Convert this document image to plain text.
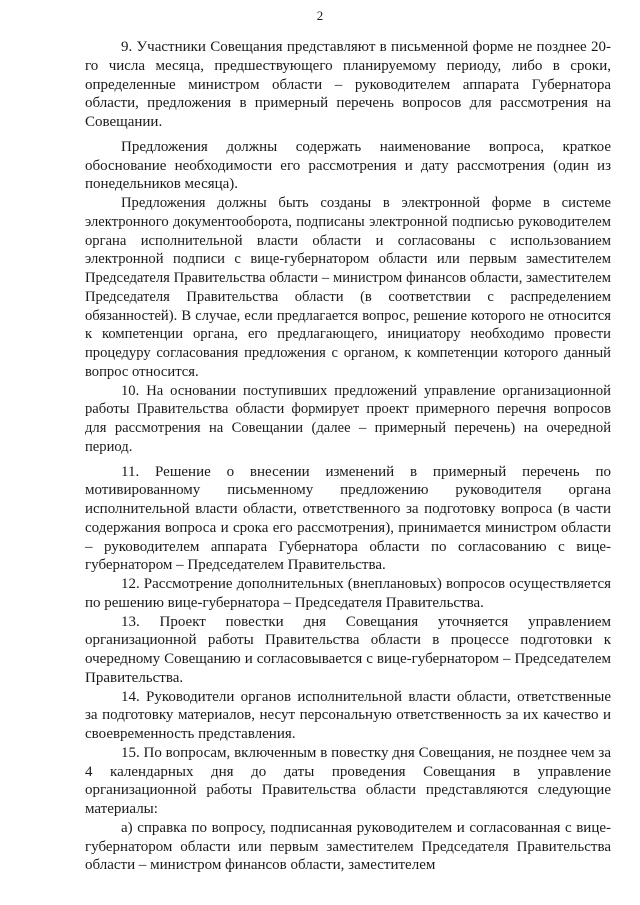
2

9. Участники Совещания представляют в письменной форме не позднее 20-го числа месяца, предшествующего планируемому периоду, либо в сроки, определенные министром области – руководителем аппарата Губернатора области, предложения в примерный перечень вопросов для рассмотрения на Совещании.

Предложения должны содержать наименование вопроса, краткое обоснование необходимости его рассмотрения и дату рассмотрения (один из понедельников месяца).

Предложения должны быть созданы в электронной форме в системе электронного документооборота, подписаны электронной подписью руководителем органа исполнительной власти области и согласованы с использованием электронной подписи с вице-губернатором области или первым заместителем Председателя Правительства области – министром финансов области, заместителем Председателя Правительства области (в соответствии с распределением обязанностей). В случае, если предлагается вопрос, решение которого не относится к компетенции органа, его предлагающего, инициатору необходимо провести процедуру согласования предложения с органом, к компетенции которого данный вопрос относится.

10. На основании поступивших предложений управление организационной работы Правительства области формирует проект примерного перечня вопросов для рассмотрения на Совещании (далее – примерный перечень) на очередной период.

11. Решение о внесении изменений в примерный перечень по мотивированному письменному предложению руководителя органа исполнительной власти области, ответственного за подготовку вопроса (в части содержания вопроса и срока его рассмотрения), принимается министром области – руководителем аппарата Губернатора области по согласованию с вице-губернатором – Председателем Правительства.

12. Рассмотрение дополнительных (внеплановых) вопросов осуществляется по решению вице-губернатора – Председателя Правительства.

13. Проект повестки дня Совещания уточняется управлением организационной работы Правительства области в процессе подготовки к очередному Совещанию и согласовывается с вице-губернатором – Председателем Правительства.

14. Руководители органов исполнительной власти области, ответственные за подготовку материалов, несут персональную ответственность за их качество и своевременность представления.

15. По вопросам, включенным в повестку дня Совещания, не позднее чем за 4 календарных дня до даты проведения Совещания в управление организационной работы Правительства области представляются следующие материалы:

а) справка по вопросу, подписанная руководителем и согласованная с вице-губернатором области или первым заместителем Председателя Правительства области – министром финансов области, заместителем
